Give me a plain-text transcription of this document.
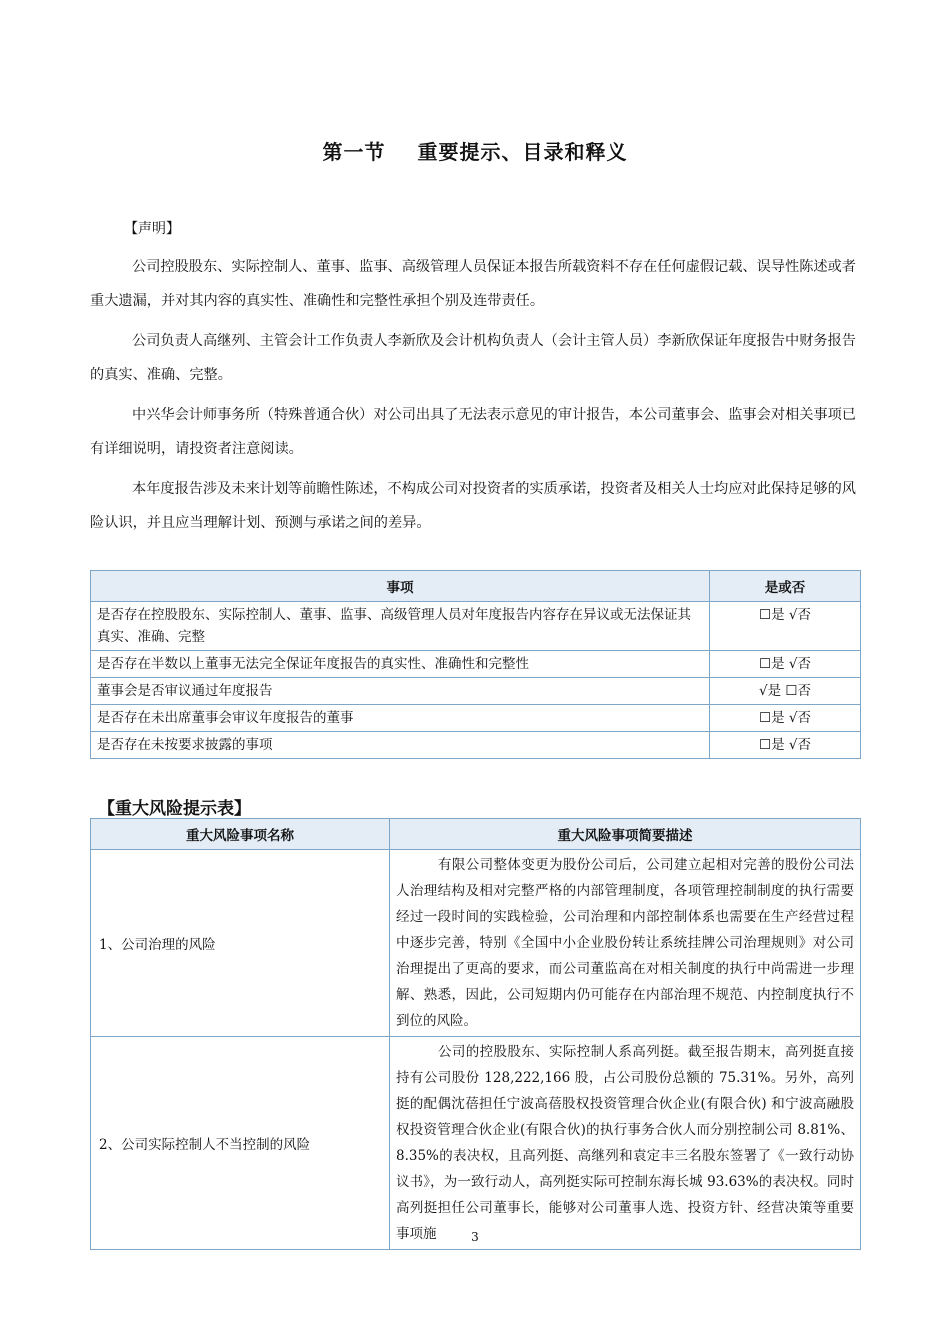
第一节 重要提示、目录和释义
【声明】

公司控股股东、实际控制人、董事、监事、高级管理人员保证本报告所载资料不存在任何虚假记载、误导性陈述或者重大遗漏，并对其内容的真实性、准确性和完整性承担个别及连带责任。

公司负责人高继列、主管会计工作负责人李新欣及会计机构负责人（会计主管人员）李新欣保证年度报告中财务报告的真实、准确、完整。

中兴华会计师事务所（特殊普通合伙）对公司出具了无法表示意见的审计报告，本公司董事会、监事会对相关事项已有详细说明，请投资者注意阅读。

本年度报告涉及未来计划等前瞻性陈述，不构成公司对投资者的实质承诺，投资者及相关人士均应对此保持足够的风险认识，并且应当理解计划、预测与承诺之间的差异。

事项	是或否
是否存在控股股东、实际控制人、董事、监事、高级管理人员对年度报告内容存在异议或无法保证其真实、准确、完整	☐是 √否
是否存在半数以上董事无法完全保证年度报告的真实性、准确性和完整性	☐是 √否
董事会是否审议通过年度报告	√是 ☐否
是否存在未出席董事会审议年度报告的董事	☐是 √否
是否存在未按要求披露的事项	☐是 √否
【重大风险提示表】
重大风险事项名称	重大风险事项简要描述
1、公司治理的风险	有限公司整体变更为股份公司后，公司建立起相对完善的股份公司法人治理结构及相对完整严格的内部管理制度，各项管理控制制度的执行需要经过一段时间的实践检验，公司治理和内部控制体系也需要在生产经营过程中逐步完善，特别《全国中小企业股份转让系统挂牌公司治理规则》对公司治理提出了更高的要求，而公司董监高在对相关制度的执行中尚需进一步理解、熟悉，因此，公司短期内仍可能存在内部治理不规范、内控制度执行不到位的风险。
2、公司实际控制人不当控制的风险	公司的控股股东、实际控制人系高列挺。截至报告期末，高列挺直接持有公司股份 128,222,166 股，占公司股份总额的 75.31%。另外，高列挺的配偶沈蓓担任宁波高蓓股权投资管理合伙企业(有限合伙) 和宁波高融股权投资管理合伙企业(有限合伙)的执行事务合伙人而分别控制公司 8.81%、8.35%的表决权，且高列挺、高继列和袁定丰三名股东签署了《一致行动协议书》，为一致行动人，高列挺实际可控制东海长城 93.63%的表决权。同时高列挺担任公司董事长，能够对公司董事人选、投资方针、经营决策等重要事项施	3
